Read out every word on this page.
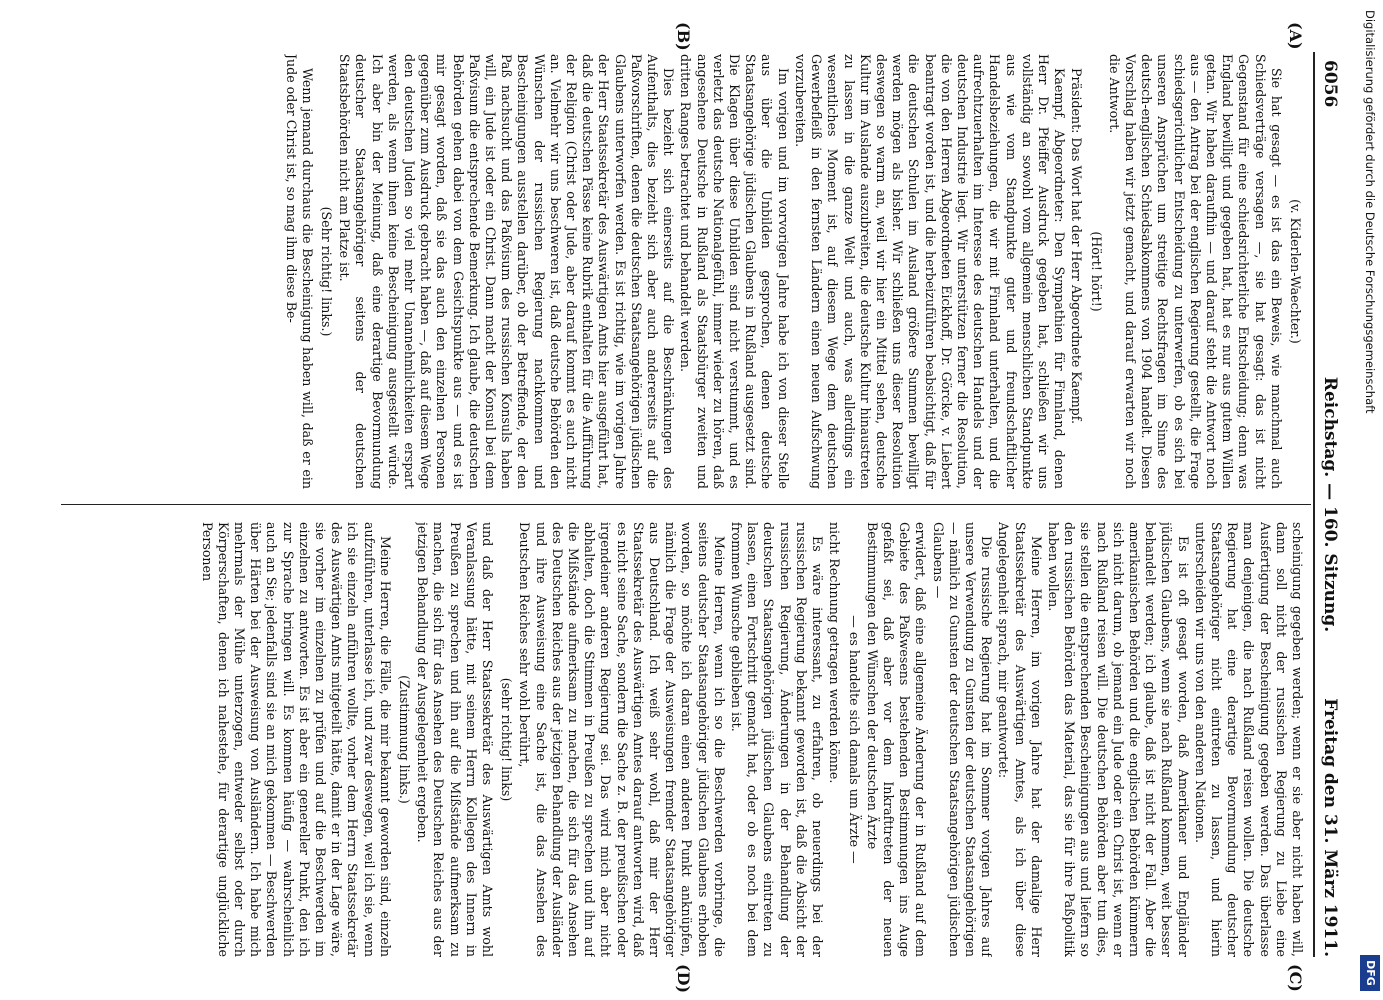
6056
Reichstag. — 160. Sitzung.
Freitag den 31. März 1911.

(v. Kiderlen-Waechter.)

Sie hat gesagt — es ist das ein Beweis, wie manchmal auch Schiedsverträge versagen —, sie hat gesagt: das ist nicht Gegenstand für eine schiedsrichterliche Entscheidung; denn was England bewilligt und gegeben hat, hat es nur aus gutem Willen getan. Wir haben daraufhin — und darauf steht die Antwort noch aus — den Antrag bei der englischen Regierung gestellt, die Frage schiedsgerichtlicher Entscheidung zu unterwerfen, ob es sich bei unseren Ansprüchen um streitige Rechtsfragen im Sinne des deutsch-englischen Schiedsabkommens von 1904 handelt. Diesen Vorschlag haben wir jetzt gemacht, und darauf erwarten wir noch die Antwort.

(Hört! hört!)

Präsident: Das Wort hat der Herr Abgeordnete Kaempf.

Kaempf, Abgeordneter: Den Sympathien für Finnland, denen Herr Dr. Pfeiffer Ausdruck gegeben hat, schließen wir uns vollständig an sowohl vom allgemein menschlichen Standpunkte aus wie vom Standpunkte guter und freundschaftlicher Handelsbeziehungen, die wir mit Finnland unterhalten, und die aufrechtzuerhalten im Interesse des deutschen Handels und der deutschen Industrie liegt. Wir unterstützen ferner die Resolution, die von den Herren Abgeordneten Eickhoff, Dr. Görcke, v. Liebert beantragt worden ist, und die herbeizuführen beabsichtigt, daß für die deutschen Schulen im Ausland größere Summen bewilligt werden mögen als bisher. Wir schließen uns dieser Resolution deswegen so warm an, weil wir hier ein Mittel sehen, deutsche Kultur im Auslande auszubreiten, die deutsche Kultur hinaustreten zu lassen in die ganze Welt und auch, was allerdings ein wesentliches Moment ist, auf diesem Wege dem deutschen Gewerbefleiß in den fernsten Ländern einen neuen Aufschwung vorzubereiten.

Im vorigen und im vorvorigen Jahre habe ich von dieser Stelle aus über die Unbilden gesprochen, denen deutsche Staatsangehörige jüdischen Glaubens in Rußland ausgesetzt sind. Die Klagen über diese Unbilden sind nicht verstummt, und es verletzt das deutsche Nationalgefühl, immer wieder zu hören, daß angesehene Deutsche in Rußland als Staatsbürger zweiten und dritten Ranges betrachtet und behandelt werden.

Dies bezieht sich einerseits auf die Beschränkungen des Aufenthalts, dies bezieht sich aber auch andererseits auf die Paßvorschriften, denen die deutschen Staatsangehörigen jüdischen Glaubens unterworfen werden. Es ist richtig, wie im vorigen Jahre der Herr Staatssekretär des Auswärtigen Amts hier ausgeführt hat, daß die deutschen Pässe keine Rubrik enthalten für die Aufführung der Religion (Christ oder Jude, aber darauf kommt es auch nicht an. Vielmehr wir uns beschweren ist, daß deutsche Behörden den Wünschen der russischen Regierung nachkommen und Bescheinigungen ausstellen darüber, ob der Betreffende, der den Paß nachsucht und das Paßvisum des russischen Konsuls haben will, ein Jude ist oder ein Christ. Dann macht der Konsul bei dem Paßvisum die entsprechende Bemerkung. Ich glaube, die deutschen Behörden gehen dabei von dem Gesichtspunkte aus — und es ist mir gesagt worden, daß sie das auch den einzelnen Personen gegenüber zum Ausdruck gebracht haben —, daß auf diesem Wege den deutschen Juden so viel mehr Unannehmlichkeiten erspart werden, als wenn ihnen keine Bescheinigung ausgestellt würde. Ich aber bin der Meinung, daß eine derartige Bevormundung deutscher Staatsangehöriger seitens der deutschen Staatsbehörden nicht am Platze ist.

(Sehr richtig! links.)

Wenn jemand durchaus die Bescheinigung haben will, daß er ein Jude oder Christ ist, so mag ihm diese Be-

scheinigung gegeben werden; wenn er sie aber nicht haben will, dann soll nicht der russischen Regierung zu Liebe eine Ausfertigung der Bescheinigung gegeben werden. Das überlasse man denjenigen, die nach Rußland reisen wollen. Die deutsche Regierung hat eine derartige Bevormundung deutscher Staatsangehöriger nicht eintreten zu lassen, und hierin unterscheiden wir uns von den anderen Nationen.

Es ist oft gesagt worden, daß Amerikaner und Engländer jüdischen Glaubens, wenn sie nach Rußland kommen, weit besser behandelt werden; ich glaube, daß ist nicht der Fall. Aber die amerikanischen Behörden und die englischen Behörden kümmern sich nicht darum, ob jemand ein Jude oder ein Christ ist, wenn er nach Rußland reisen will. Die deutschen Behörden aber tun dies, sie stellen die entsprechenden Bescheinigungen aus und liefern so den russischen Behörden das Material, das sie für ihre Paßpolitik haben wollen.

Meine Herren, im vorigen Jahre hat der damalige Herr Staatssekretär des Auswärtigen Amtes, als ich über diese Angelegenheit sprach, mir geantwortet:

Die russische Regierung hat im Sommer vorigen Jahres auf unsere Verwendung zu Gunsten der deutschen Staatsangehörigen — nämlich zu Gunsten der deutschen Staatsangehörigen jüdischen Glaubens —

erwidert, daß eine allgemeine Änderung der in Rußland auf dem Gebiete des Paßwesens bestehenden Bestimmungen ins Auge gefaßt sei, daß aber vor dem Inkrafttreten der neuen Bestimmungen den Wünschen der deutschen Ärzte

— es handelte sich damals um Ärzte —

nicht Rechnung getragen werden könne.

Es wäre interessant, zu erfahren, ob neuerdings bei der russischen Regierung bekannt geworden ist, daß die Absicht der russischen Regierung, Änderungen in der Behandlung der deutschen Staatsangehörigen jüdischen Glaubens eintreten zu lassen, einen Fortschritt gemacht hat, oder ob es noch bei dem frommen Wunsche geblieben ist.

Meine Herren, wenn ich so die Beschwerden vorbringe, die seitens deutscher Staatsangehöriger jüdischen Glaubens erhoben worden, so möchte ich daran einen anderen Punkt anknüpfen, nämlich die Frage der Ausweisungen fremder Staatsangehöriger aus Deutschland. Ich weiß sehr wohl, daß mir der Herr Staatssekretär des Auswärtigen Amtes darauf antworten wird, daß es nicht seine Sache, sondern die Sache z. B. der preußischen oder irgendeiner anderen Regierung sei. Das wird mich aber nicht abhalten, doch die Stimmen in Preußen zu sprechen und ihn auf die Mißstände aufmerksam zu machen, die sich für das Ansehen des Deutschen Reiches aus der jetzigen Behandlung der Ausländer und ihre Ausweisung eine Sache ist, die das Ansehen des Deutschen Reiches sehr wohl berührt,

(sehr richtig! links)

und daß der Herr Staatssekretär des Auswärtigen Amts wohl Veranlassung hätte, mit seinem Herrn Kollegen des Innern in Preußen zu sprechen und ihn auf die Mißstände aufmerksam zu machen, die sich für das Ansehen des Deutschen Reiches aus der jetzigen Behandlung der Ausgelegenheit ergeben.

(Zustimmung links.)

Meine Herren, die Fälle, die mir bekannt geworden sind, einzeln aufzuführen, unterlasse ich, und zwar deswegen, weil ich sie, wenn ich sie einzeln anführen wollte, vorher dem Herrn Staatssekretär des Auswärtigen Amts mitgeteilt hätte, damit er in der Lage wäre, sie vorher im einzelnen zu prüfen und auf die Beschwerden im einzelnen zu antworten. Es ist aber ein genereller Punkt, den ich zur Sprache bringen will. Es kommen häufig — wahrscheinlich auch an Sie; jedenfalls sind sie an mich gekommen — Beschwerden über Härten bei der Ausweisung von Ausländern. Ich habe mich mehrmals der Mühe unterzogen, entweder selbst oder durch Körperschaften, denen ich nahestehe, für derartige unglückliche Personen

(A)
(B)
(C)
(D)
Digitalisierung gefördert durch die Deutsche Forschungsgemeinschaft
DFG
